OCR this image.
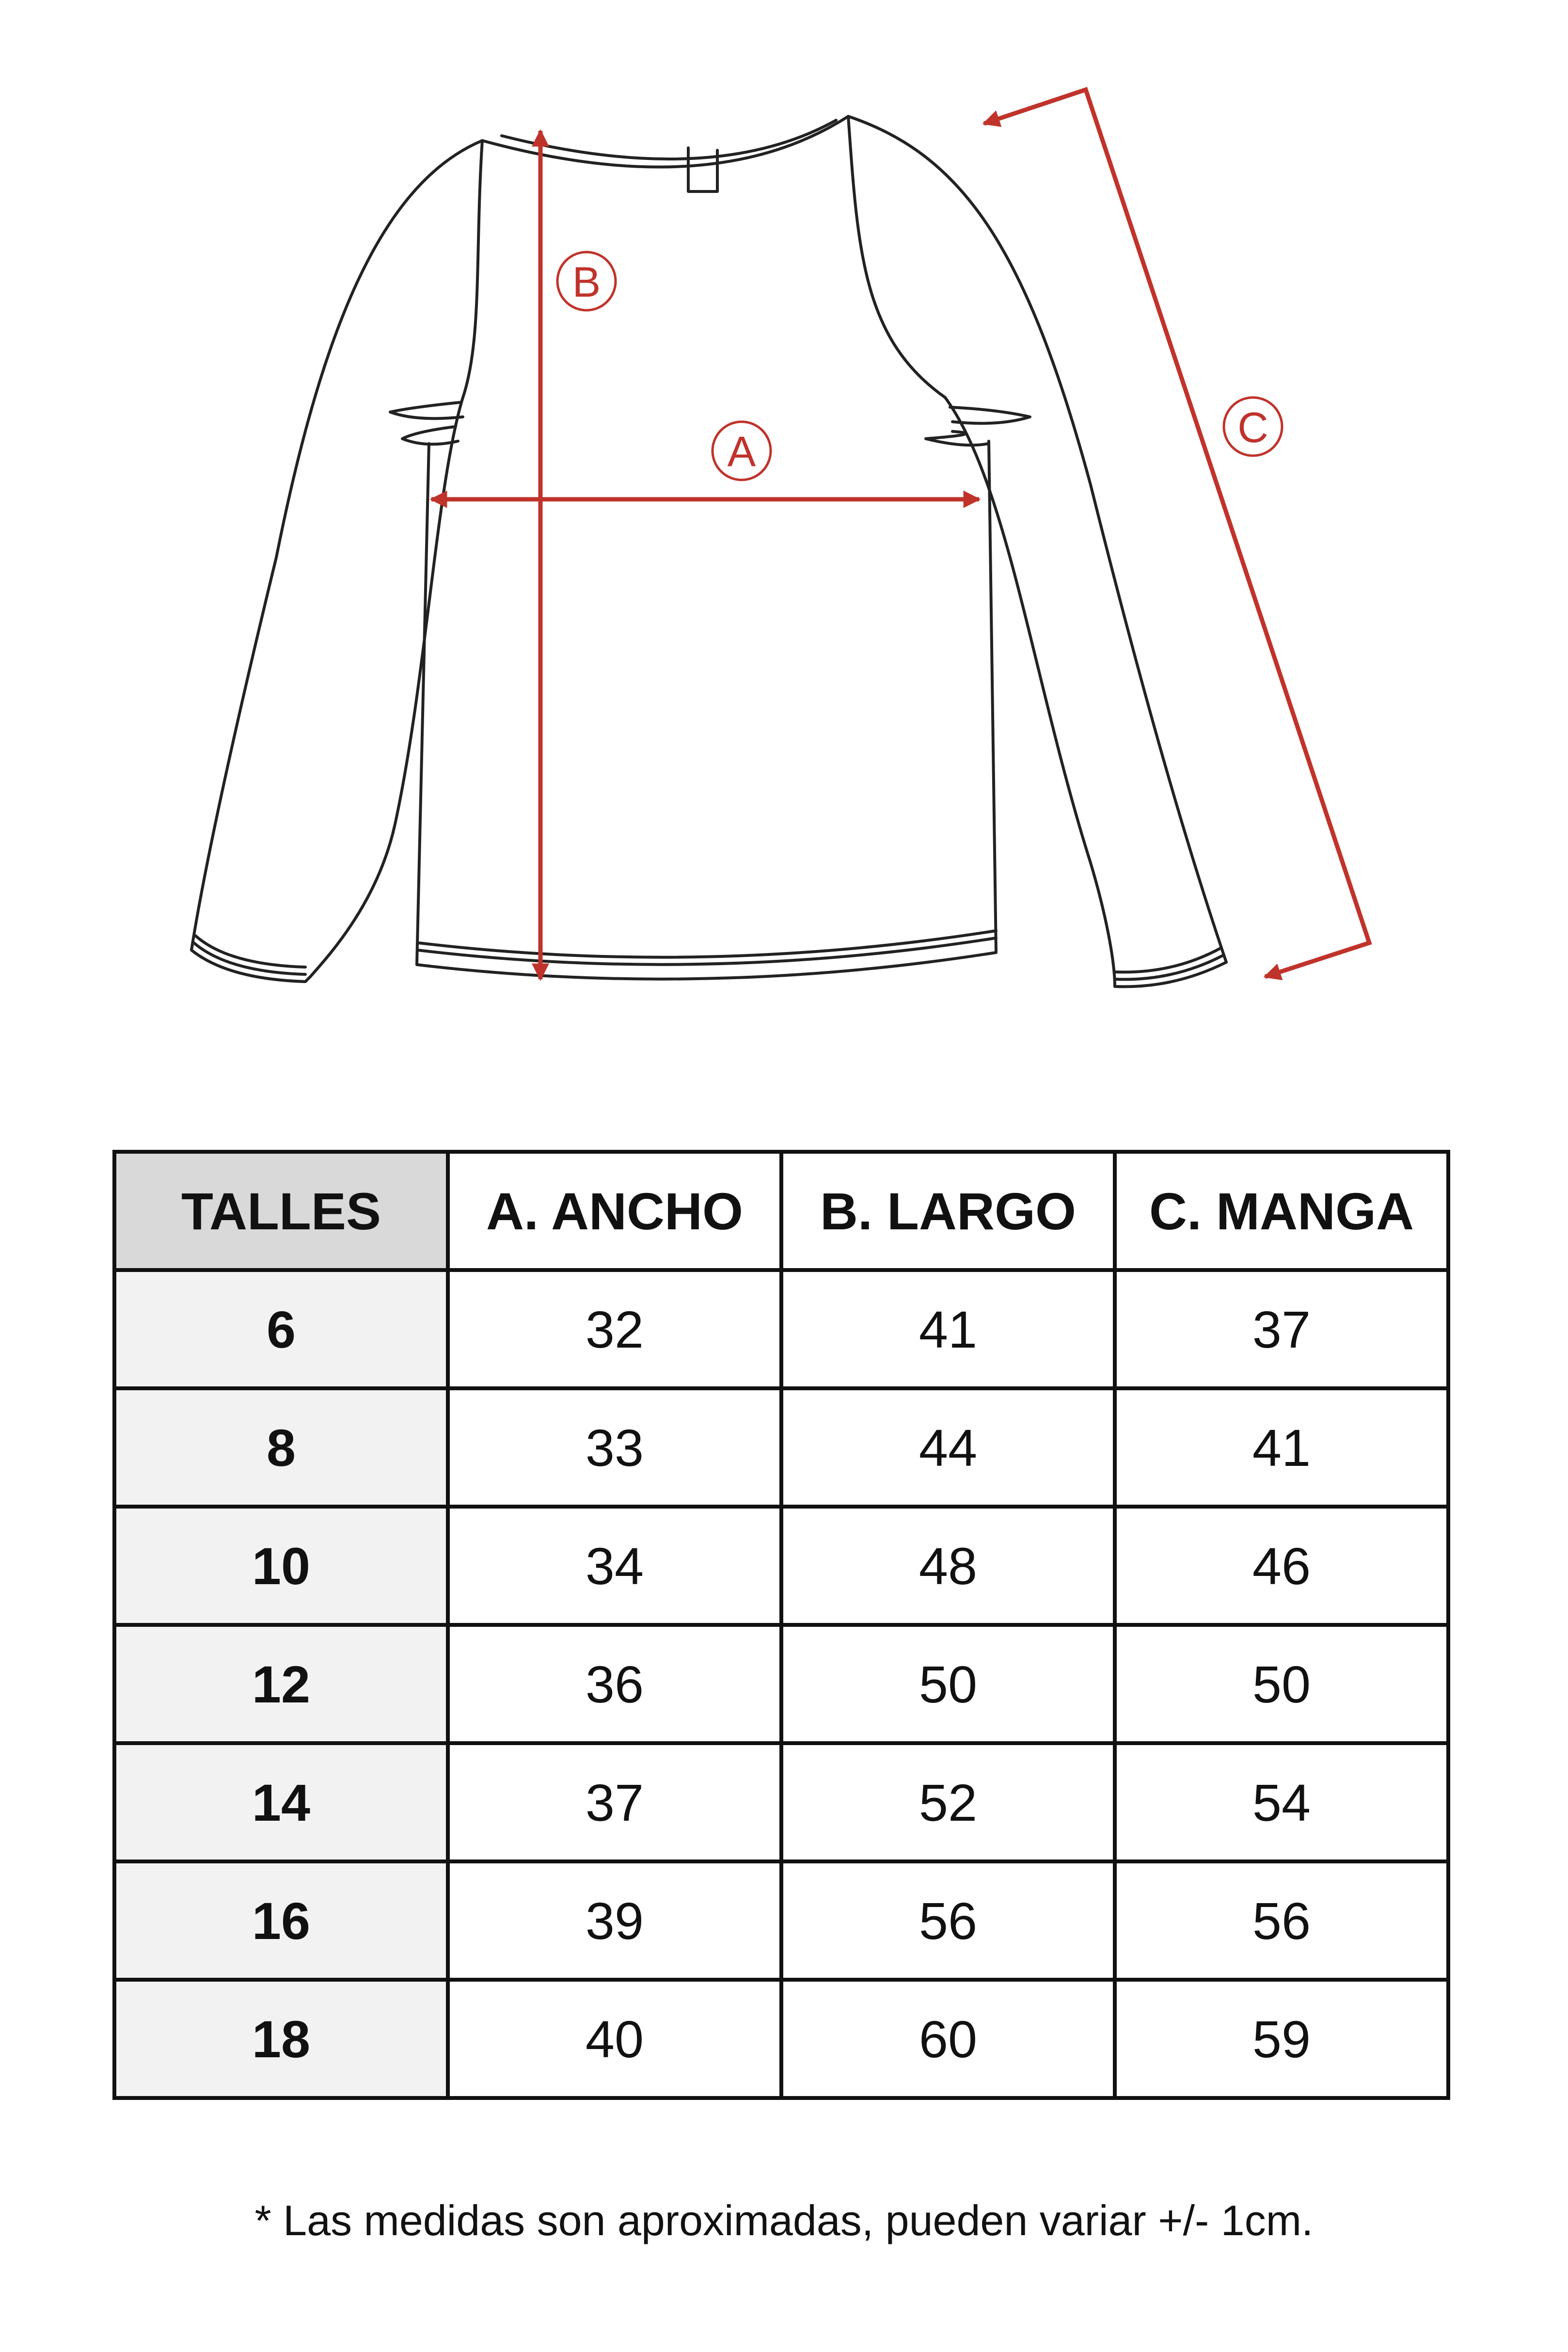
A
B
C
TALLES	A. ANCHO	B. LARGO	C. MANGA
6	32	41	37
8	33	44	41
10	34	48	46
12	36	50	50
14	37	52	54
16	39	56	56
18	40	60	59
* Las medidas son aproximadas, pueden variar +/- 1cm.
